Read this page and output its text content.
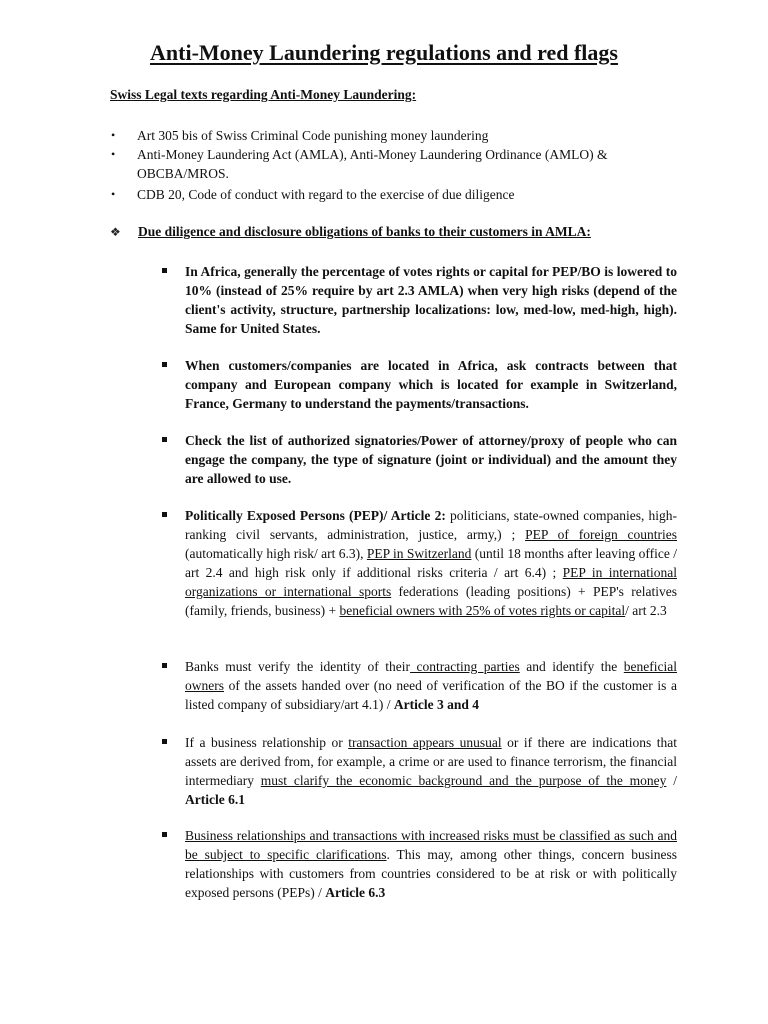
Anti-Money Laundering regulations and red flags

Swiss Legal texts regarding Anti-Money Laundering:

• Art 305 bis of Swiss Criminal Code punishing money laundering
• Anti-Money Laundering Act (AMLA), Anti-Money Laundering Ordinance (AMLO) & OBCBA/MROS.
• CDB 20, Code of conduct with regard to the exercise of due diligence
❖ Due diligence and disclosure obligations of banks to their customers in AMLA:

In Africa, generally the percentage of votes rights or capital for PEP/BO is lowered to 10% (instead of 25% require by art 2.3 AMLA) when very high risks (depend of the client's activity, structure, partnership localizations: low, med-low, med-high, high). Same for United States.
When customers/companies are located in Africa, ask contracts between that company and European company which is located for example in Switzerland, France, Germany to understand the payments/transactions.
Check the list of authorized signatories/Power of attorney/proxy of people who can engage the company, the type of signature (joint or individual) and the amount they are allowed to use.
Politically Exposed Persons (PEP)/ Article 2: politicians, state-owned companies, high-ranking civil servants, administration, justice, army,) ; PEP of foreign countries (automatically high risk/ art 6.3), PEP in Switzerland (until 18 months after leaving office / art 2.4 and high risk only if additional risks criteria / art 6.4) ; PEP in international organizations or international sports federations (leading positions) + PEP's relatives (family, friends, business) + beneficial owners with 25% of votes rights or capital/ art 2.3
Banks must verify the identity of their contracting parties and identify the beneficial owners of the assets handed over (no need of verification of the BO if the customer is a listed company of subsidiary/art 4.1) / Article 3 and 4
If a business relationship or transaction appears unusual or if there are indications that assets are derived from, for example, a crime or are used to finance terrorism, the financial intermediary must clarify the economic background and the purpose of the money / Article 6.1
Business relationships and transactions with increased risks must be classified as such and be subject to specific clarifications. This may, among other things, concern business relationships with customers from countries considered to be at risk or with politically exposed persons (PEPs) / Article 6.3
